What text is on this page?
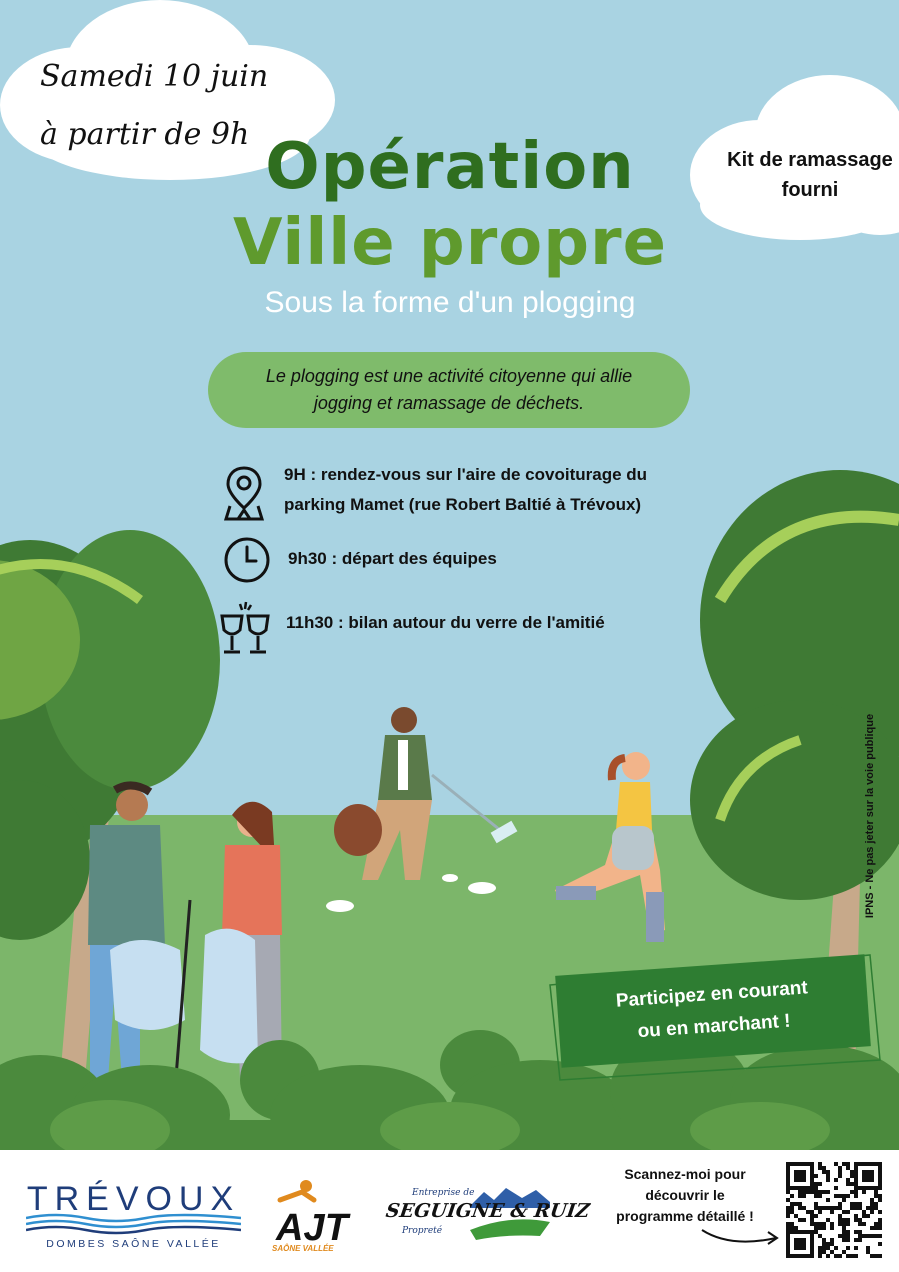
Samedi 10 juin
à partir de 9h
Kit de ramassage
fourni
Opération
Ville propre
Sous la forme d'un plogging
Le plogging est une activité citoyenne qui allie
jogging et ramassage de déchets.
9H : rendez-vous sur l'aire de covoiturage du
parking Mamet (rue Robert Baltié à Trévoux)
9h30 : départ des équipes
11h30 : bilan autour du verre de l'amitié
IPNS - Ne pas jeter sur la voie publique
Participez en courant
ou en marchant !
TRÉVOUX
DOMBES SAÔNE VALLÉE	AJT
SAÔNE VALLÉE
Entreprise de
SEGUIGNE & RUIZ
Propreté
Scannez-moi pour
découvrir le
programme détaillé !
